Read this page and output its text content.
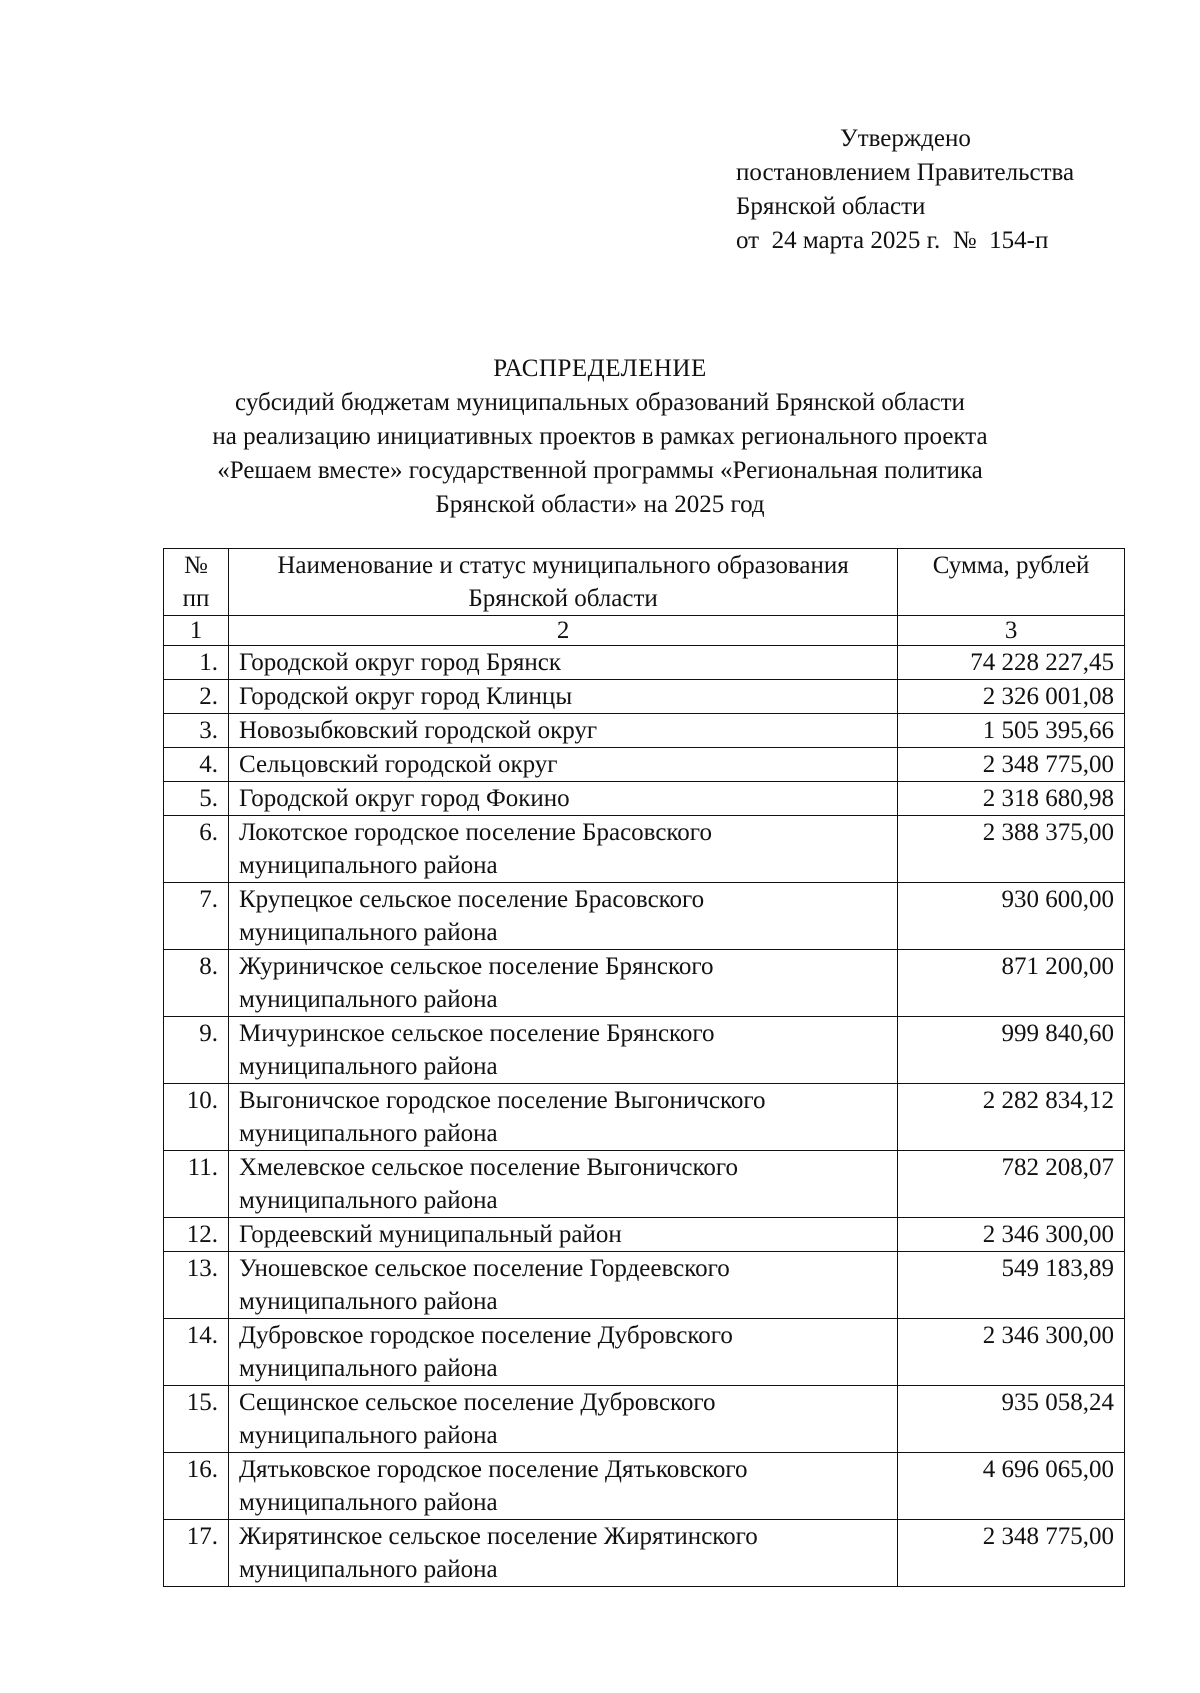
Утверждено
постановлением Правительства
Брянской области
от  24 марта 2025 г.  №  154-п
РАСПРЕДЕЛЕНИЕ
субсидий бюджетам муниципальных образований Брянской области
на реализацию инициативных проектов в рамках регионального проекта
«Решаем вместе» государственной программы «Региональная политика
Брянской области» на 2025 год
№ пп	Наименование и статус муниципального образования Брянской области	Сумма, рублей
1	2	3
1.	Городской округ город Брянск	74 228 227,45
2.	Городской округ город Клинцы	2 326 001,08
3.	Новозыбковский городской округ	1 505 395,66
4.	Сельцовский городской округ	2 348 775,00
5.	Городской округ город Фокино	2 318 680,98
6.	Локотское городское поселение Брасовского муниципального района	2 388 375,00
7.	Крупецкое сельское поселение Брасовского муниципального района	930 600,00
8.	Журиничское сельское поселение Брянского муниципального района	871 200,00
9.	Мичуринское сельское поселение Брянского муниципального района	999 840,60
10.	Выгоничское городское поселение Выгоничского муниципального района	2 282 834,12
11.	Хмелевское сельское поселение Выгоничского муниципального района	782 208,07
12.	Гордеевский муниципальный район	2 346 300,00
13.	Уношевское сельское поселение Гордеевского муниципального района	549 183,89
14.	Дубровское городское поселение Дубровского муниципального района	2 346 300,00
15.	Сещинское сельское поселение Дубровского муниципального района	935 058,24
16.	Дятьковское городское поселение Дятьковского муниципального района	4 696 065,00
17.	Жирятинское сельское поселение Жирятинского муниципального района	2 348 775,00
